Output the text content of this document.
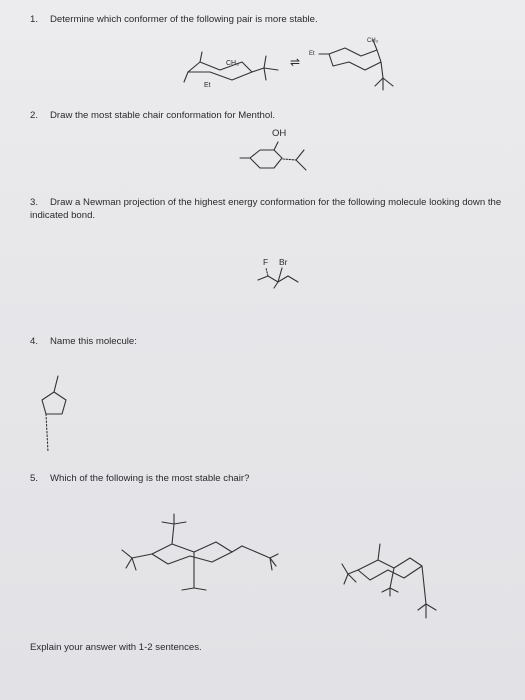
1. Determine which conformer of the following pair is more stable.
CH₃
Et
⇌
Et
CH₃
2. Draw the most stable chair conformation for Menthol.
OH
3. Draw a Newman projection of the highest energy conformation for the following molecule looking down the indicated bond.
F Br
4. Name this molecule:
5. Which of the following is the most stable chair?
Explain your answer with 1-2 sentences.
